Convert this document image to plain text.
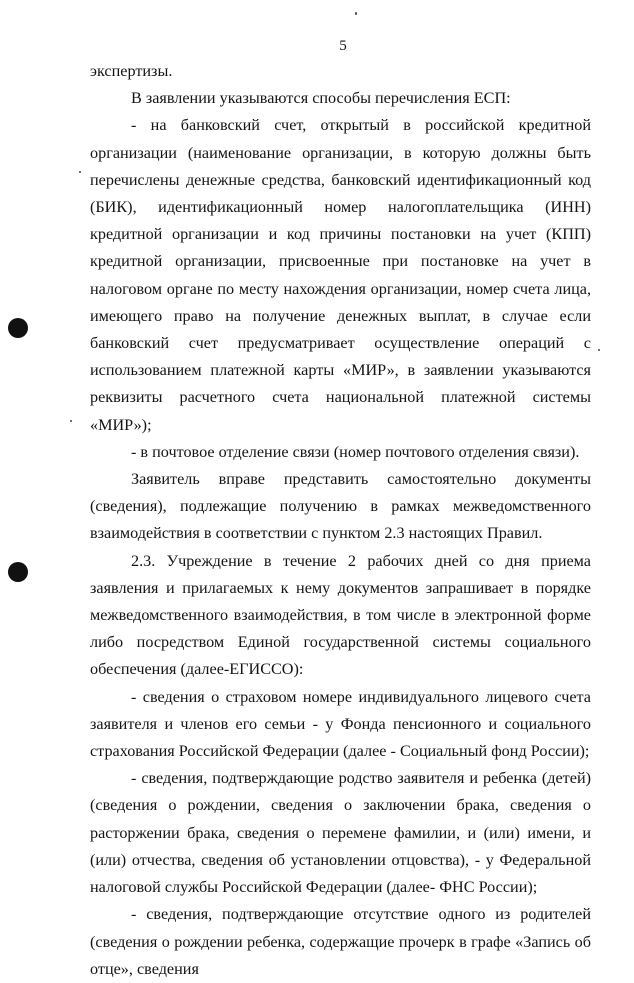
5

экспертизы.

В заявлении указываются способы перечисления ЕСП:

- на банковский счет, открытый в российской кредитной организации (наименование организации, в которую должны быть перечислены денежные средства, банковский идентификационный код (БИК), идентификационный номер налогоплательщика (ИНН) кредитной организации и код причины постановки на учет (КПП) кредитной организации, присвоенные при постановке на учет в налоговом органе по месту нахождения организации, номер счета лица, имеющего право на получение денежных выплат, в случае если банковский счет предусматривает осуществление операций с использованием платежной карты «МИР», в заявлении указываются реквизиты расчетного счета национальной платежной системы «МИР»);

- в почтовое отделение связи (номер почтового отделения связи).

Заявитель вправе представить самостоятельно документы (сведения), подлежащие получению в рамках межведомственного взаимодействия в соответствии с пунктом 2.3 настоящих Правил.

2.3. Учреждение в течение 2 рабочих дней со дня приема заявления и прилагаемых к нему документов запрашивает в порядке межведомственного взаимодействия, в том числе в электронной форме либо посредством Единой государственной системы социального обеспечения (далее-ЕГИССО):

- сведения о страховом номере индивидуального лицевого счета заявителя и членов его семьи - у Фонда пенсионного и социального страхования Российской Федерации (далее - Социальный фонд России);

- сведения, подтверждающие родство заявителя и ребенка (детей) (сведения о рождении, сведения о заключении брака, сведения о расторжении брака, сведения о перемене фамилии, и (или) имени, и (или) отчества, сведения об установлении отцовства), - у Федеральной налоговой службы Российской Федерации (далее- ФНС России);

- сведения, подтверждающие отсутствие одного из родителей (сведения о рождении ребенка, содержащие прочерк в графе «Запись об отце», сведения
